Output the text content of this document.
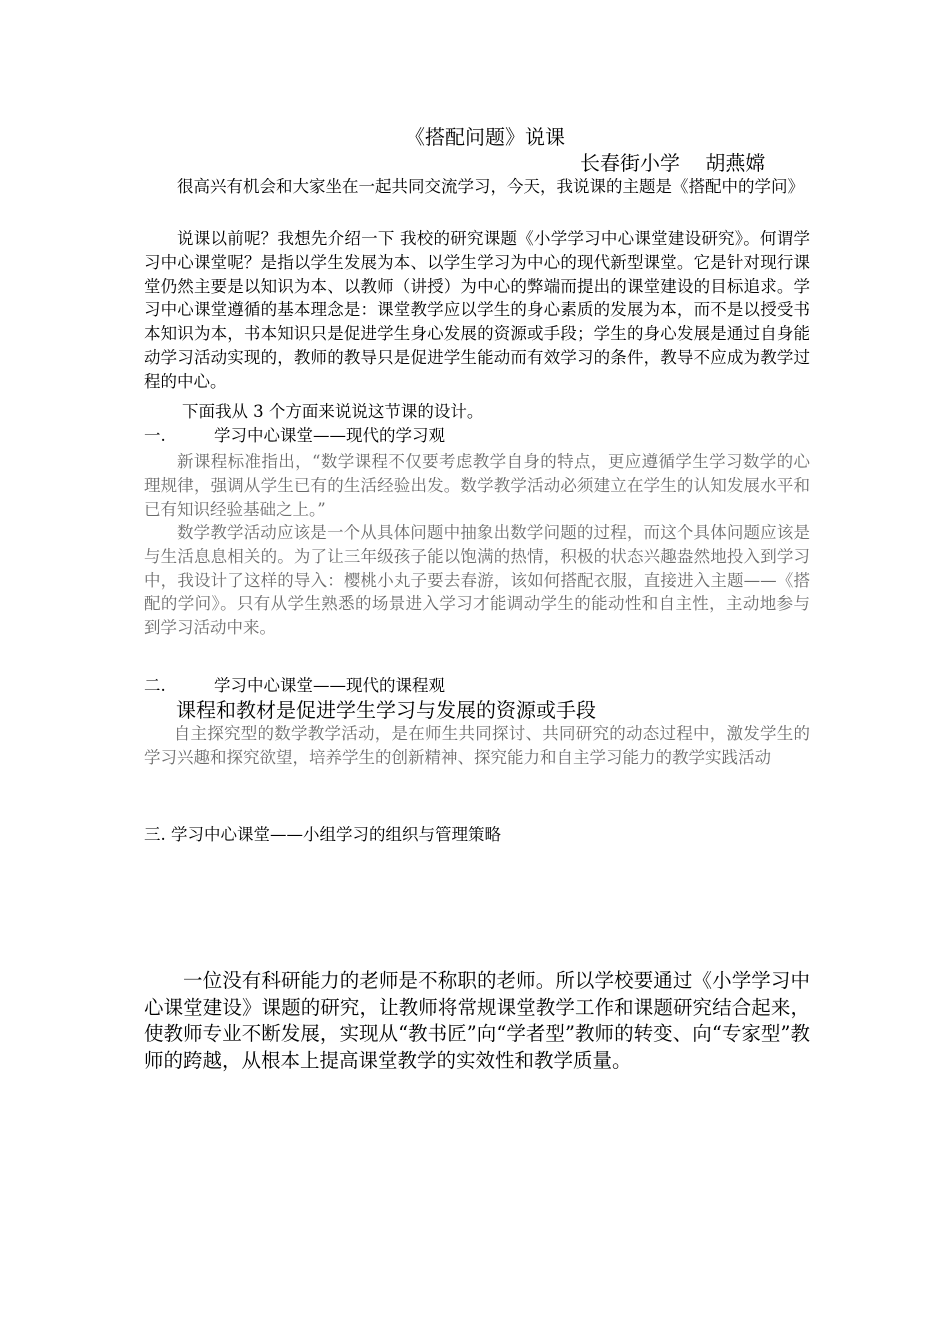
《搭配问题》说课
长春街小学    胡燕嫦

很高兴有机会和大家坐在一起共同交流学习，今天，我说课的主题是《搭配中的学问》

说课以前呢？我想先介绍一下 我校的研究课题《小学学习中心课堂建设研究》。何谓学习中心课堂呢？是指以学生发展为本、以学生学习为中心的现代新型课堂。它是针对现行课堂仍然主要是以知识为本、以教师（讲授）为中心的弊端而提出的课堂建设的目标追求。学习中心课堂遵循的基本理念是：课堂教学应以学生的身心素质的发展为本，而不是以授受书本知识为本，书本知识只是促进学生身心发展的资源或手段；学生的身心发展是通过自身能动学习活动实现的，教师的教导只是促进学生能动而有效学习的条件，教导不应成为教学过程的中心。

下面我从 3 个方面来说说这节课的设计。

一.	学习中心课堂——现代的学习观

新课程标准指出，“数学课程不仅要考虑教学自身的特点，更应遵循学生学习数学的心理规律，强调从学生已有的生活经验出发。数学教学活动必须建立在学生的认知发展水平和已有知识经验基础之上。”

数学教学活动应该是一个从具体问题中抽象出数学问题的过程，而这个具体问题应该是与生活息息相关的。为了让三年级孩子能以饱满的热情，积极的状态兴趣盎然地投入到学习中，我设计了这样的导入：樱桃小丸子要去春游，该如何搭配衣服，直接进入主题——《搭配的学问》。只有从学生熟悉的场景进入学习才能调动学生的能动性和自主性，主动地参与到学习活动中来。

二.	学习中心课堂——现代的课程观
课程和教材是促进学生学习与发展的资源或手段

自主探究型的数学教学活动，是在师生共同探讨、共同研究的动态过程中，激发学生的学习兴趣和探究欲望，培养学生的创新精神、探究能力和自主学习能力的教学实践活动

三. 学习中心课堂——小组学习的组织与管理策略

一位没有科研能力的老师是不称职的老师。所以学校要通过《小学学习中心课堂建设》课题的研究，让教师将常规课堂教学工作和课题研究结合起来，使教师专业不断发展，实现从“教书匠”向“学者型”教师的转变、向“专家型”教师的跨越，从根本上提高课堂教学的实效性和教学质量。
